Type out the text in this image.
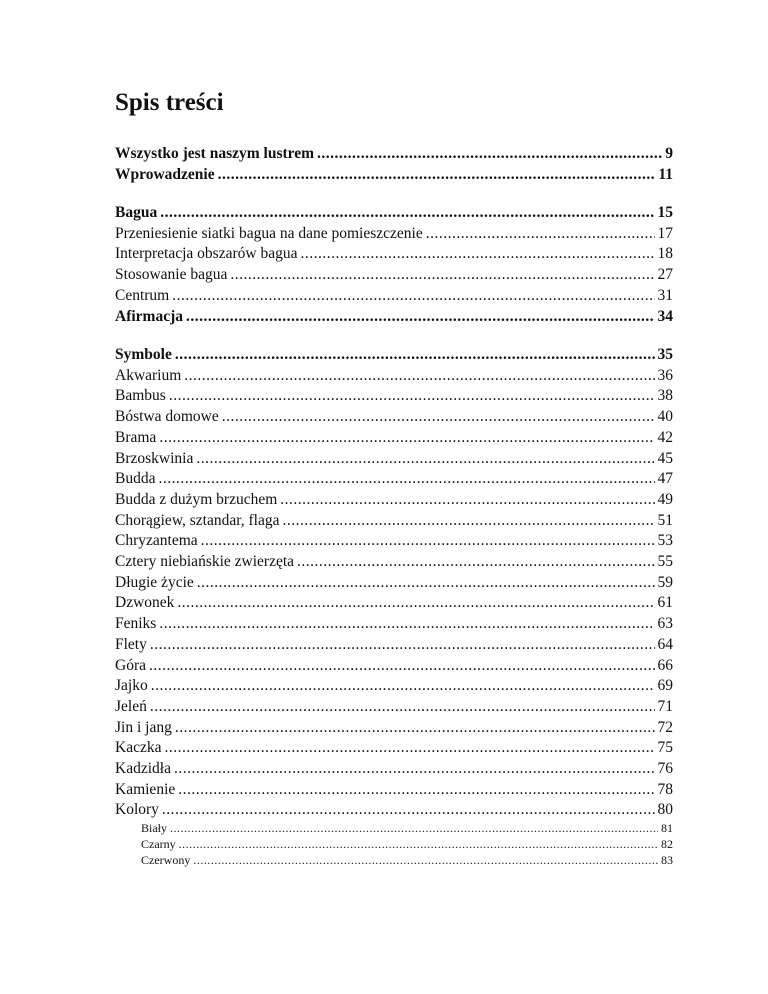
Spis treści
Wszystko jest naszym lustrem .....	9
Wprowadzenie .....	11
Bagua .....	15
Przeniesienie siatki bagua na dane pomieszczenie .....	17
Interpretacja obszarów bagua .....	18
Stosowanie bagua .....	27
Centrum .....	31
Afirmacja .....	34
Symbole .....	35
Akwarium .....	36
Bambus .....	38
Bóstwa domowe .....	40
Brama .....	42
Brzoskwinia .....	45
Budda .....	47
Budda z dużym brzuchem .....	49
Chorągiew, sztandar, flaga .....	51
Chryzantema .....	53
Cztery niebiańskie zwierzęta .....	55
Długie życie .....	59
Dzwonek .....	61
Feniks .....	63
Flety .....	64
Góra .....	66
Jajko .....	69
Jeleń .....	71
Jin i jang .....	72
Kaczka .....	75
Kadzidła .....	76
Kamienie .....	78
Kolory .....	80
Biały .....	81
Czarny .....	82
Czerwony .....	83
